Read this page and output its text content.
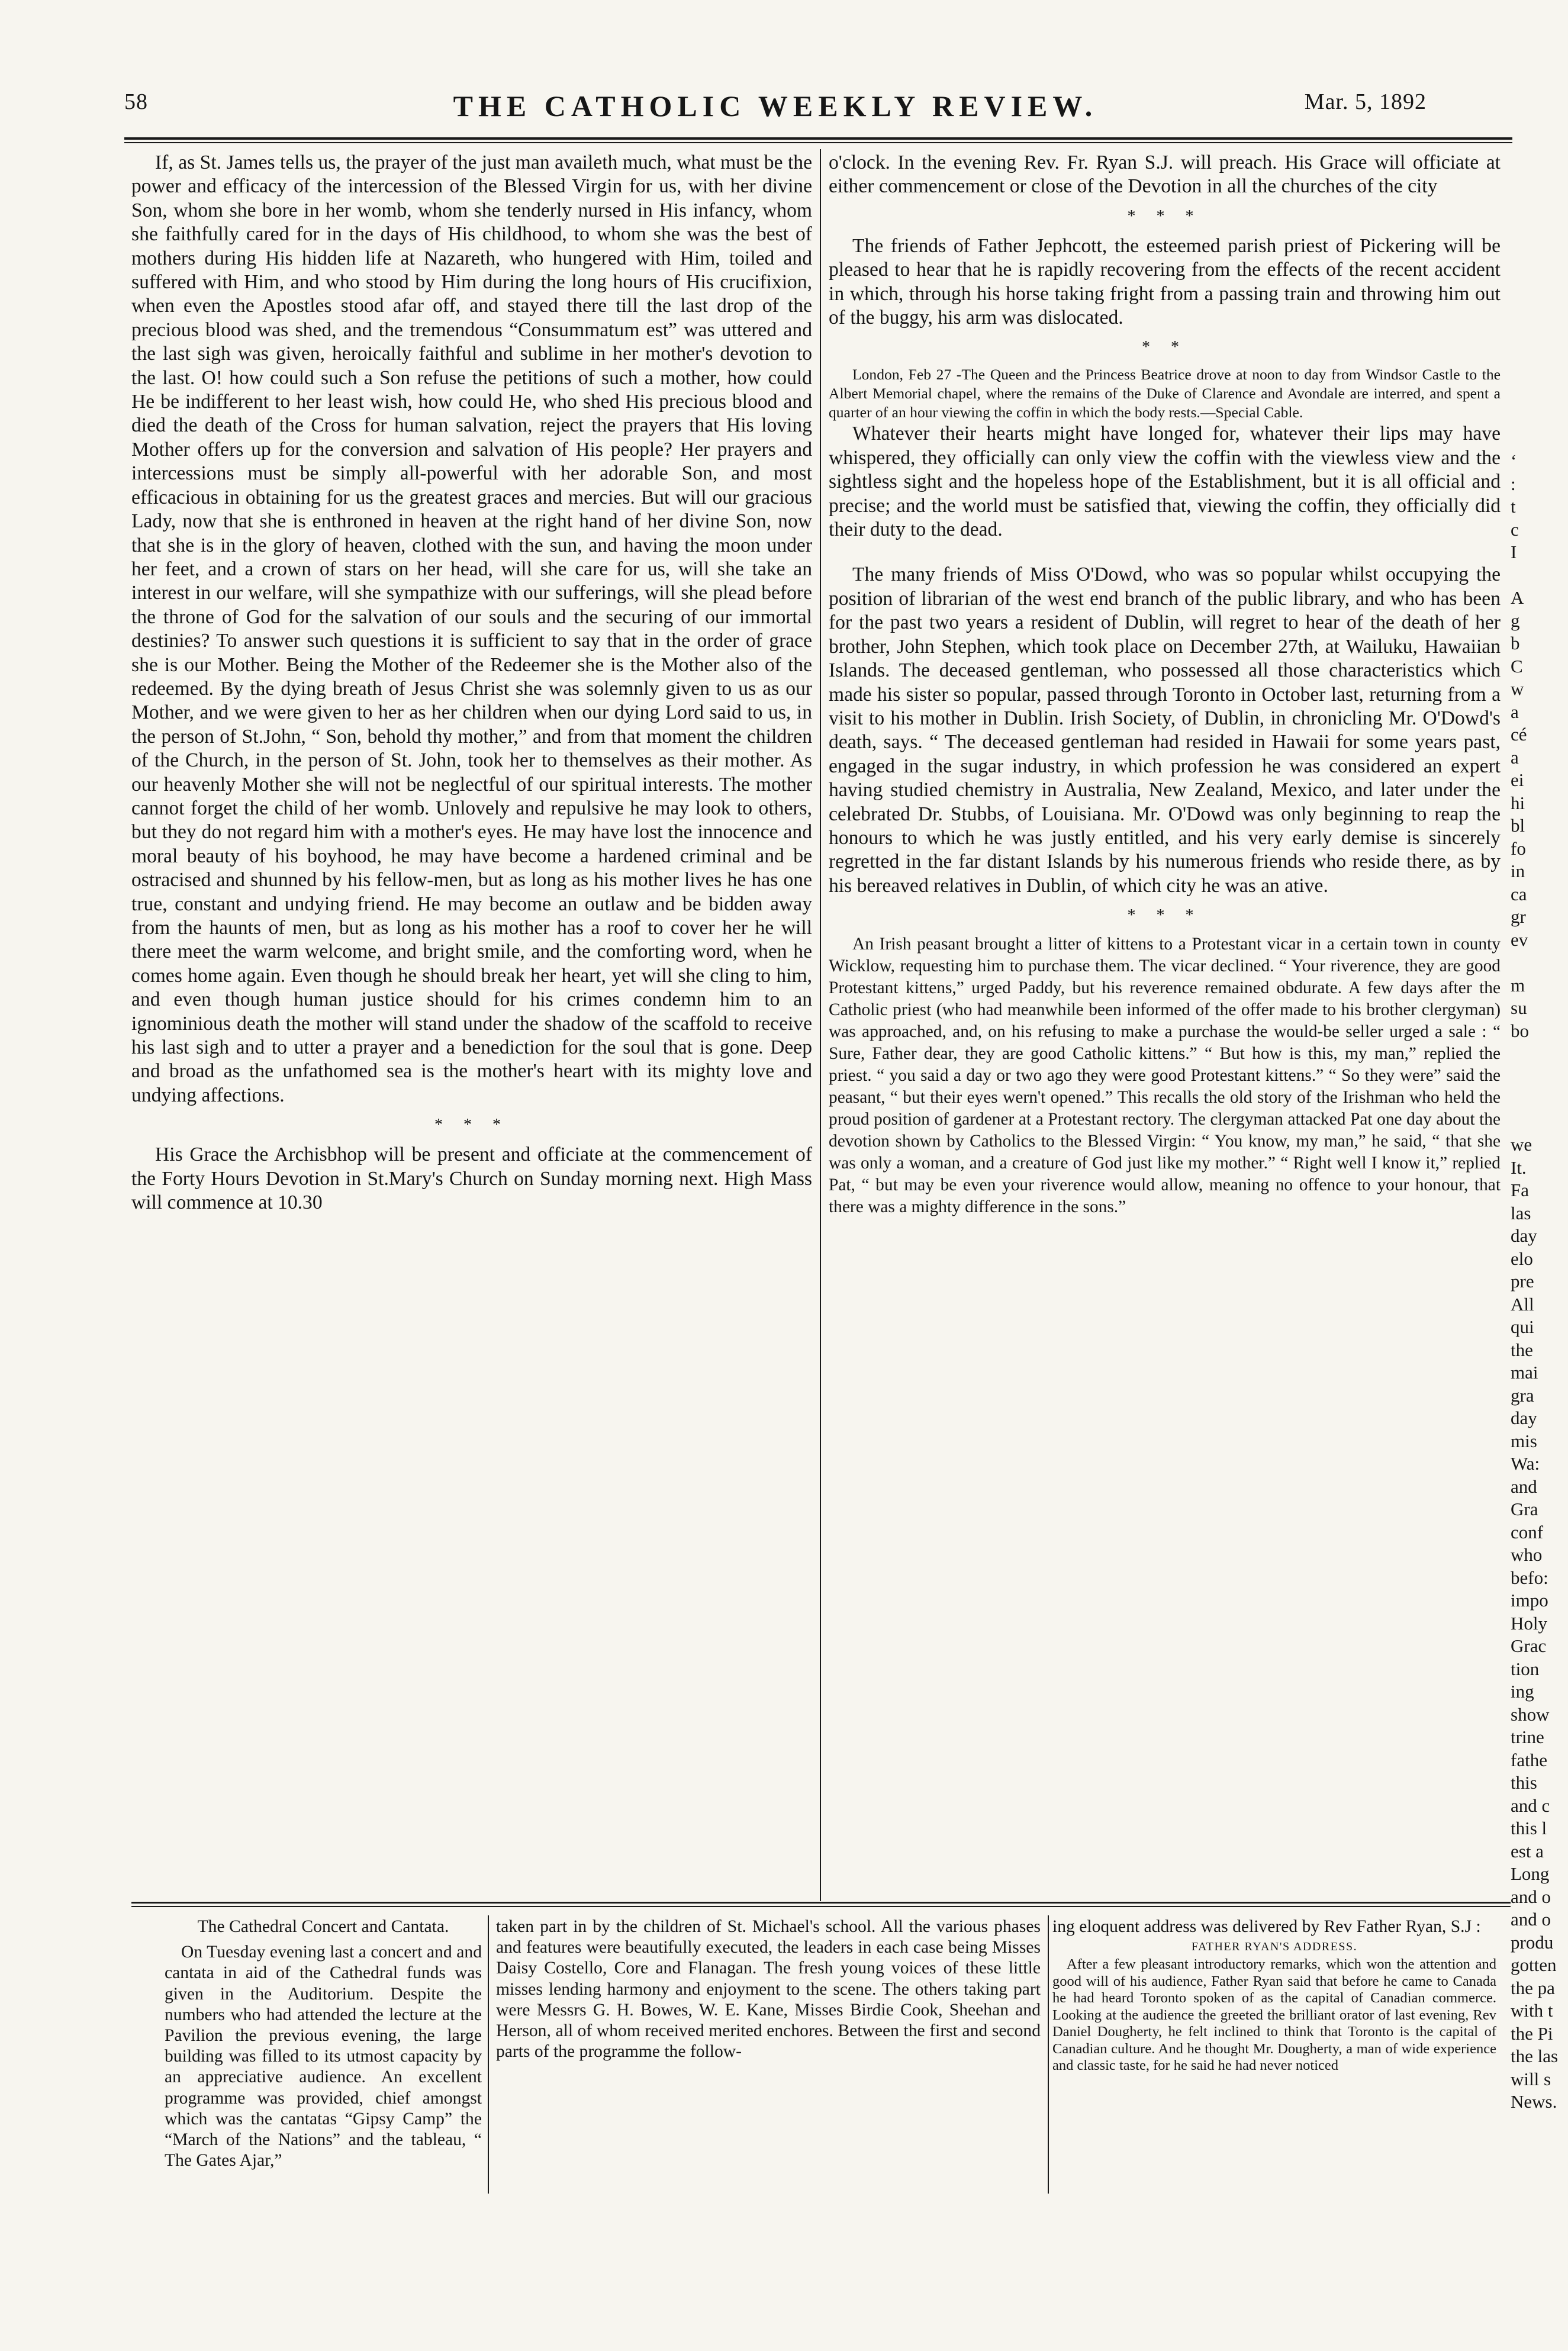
58	THE CATHOLIC WEEKLY REVIEW.	Mar. 5, 1892

If, as St. James tells us, the prayer of the just man availeth much, what must be the power and efficacy of the intercession of the Blessed Virgin for us, with her divine Son, whom she bore in her womb, whom she tenderly nursed in His infancy, whom she faithfully cared for in the days of His childhood, to whom she was the best of mothers during His hidden life at Nazareth, who hungered with Him, toiled and suffered with Him, and who stood by Him during the long hours of His crucifixion, when even the Apostles stood afar off, and stayed there till the last drop of the precious blood was shed, and the tremendous “Consummatum est” was uttered and the last sigh was given, heroically faithful and sublime in her mother's devotion to the last. O! how could such a Son refuse the petitions of such a mother, how could He be indifferent to her least wish, how could He, who shed His precious blood and died the death of the Cross for human salvation, reject the prayers that His loving Mother offers up for the conversion and salvation of His people? Her prayers and intercessions must be simply all-powerful with her adorable Son, and most efficacious in obtaining for us the greatest graces and mercies. But will our gracious Lady, now that she is enthroned in heaven at the right hand of her divine Son, now that she is in the glory of heaven, clothed with the sun, and having the moon under her feet, and a crown of stars on her head, will she care for us, will she take an interest in our welfare, will she sympathize with our sufferings, will she plead before the throne of God for the salvation of our souls and the securing of our immortal destinies? To answer such questions it is sufficient to say that in the order of grace she is our Mother. Being the Mother of the Redeemer she is the Mother also of the redeemed. By the dying breath of Jesus Christ she was solemnly given to us as our Mother, and we were given to her as her children when our dying Lord said to us, in the person of St.John, “ Son, behold thy mother,” and from that moment the children of the Church, in the person of St. John, took her to themselves as their mother. As our heavenly Mother she will not be neglectful of our spiritual interests. The mother cannot forget the child of her womb. Unlovely and repulsive he may look to others, but they do not regard him with a mother's eyes. He may have lost the innocence and moral beauty of his boyhood, he may have become a hardened criminal and be ostracised and shunned by his fellow-men, but as long as his mother lives he has one true, constant and undying friend. He may become an outlaw and be bidden away from the haunts of men, but as long as his mother has a roof to cover her he will there meet the warm welcome, and bright smile, and the comforting word, when he comes home again. Even though he should break her heart, yet will she cling to him, and even though human justice should for his crimes condemn him to an ignominious death the mother will stand under the shadow of the scaffold to receive his last sigh and to utter a prayer and a benediction for the soul that is gone. Deep and broad as the unfathomed sea is the mother's heart with its mighty love and undying affections.

* * *

His Grace the Archisbhop will be present and officiate at the commencement of the Forty Hours Devotion in St.Mary's Church on Sunday morning next. High Mass will commence at 10.30

o'clock. In the evening Rev. Fr. Ryan S.J. will preach. His Grace will officiate at either commencement or close of the Devotion in all the churches of the city

* * *

The friends of Father Jephcott, the esteemed parish priest of Pickering will be pleased to hear that he is rapidly recovering from the effects of the recent accident in which, through his horse taking fright from a passing train and throwing him out of the buggy, his arm was dislocated.

* *

London, Feb 27 -The Queen and the Princess Beatrice drove at noon to day from Windsor Castle to the Albert Memorial chapel, where the remains of the Duke of Clarence and Avondale are interred, and spent a quarter of an hour viewing the coffin in which the body rests.—Special Cable.

Whatever their hearts might have longed for, whatever their lips may have whispered, they officially can only view the coffin with the viewless view and the sightless sight and the hopeless hope of the Establishment, but it is all official and precise; and the world must be satisfied that, viewing the coffin, they officially did their duty to the dead.

The many friends of Miss O'Dowd, who was so popular whilst occupying the position of librarian of the west end branch of the public library, and who has been for the past two years a resident of Dublin, will regret to hear of the death of her brother, John Stephen, which took place on December 27th, at Wailuku, Hawaiian Islands. The deceased gentleman, who possessed all those characteristics which made his sister so popular, passed through Toronto in October last, returning from a visit to his mother in Dublin. Irish Society, of Dublin, in chronicling Mr. O'Dowd's death, says. “ The deceased gentleman had resided in Hawaii for some years past, engaged in the sugar industry, in which profession he was considered an expert having studied chemistry in Australia, New Zealand, Mexico, and later under the celebrated Dr. Stubbs, of Louisiana. Mr. O'Dowd was only beginning to reap the honours to which he was justly entitled, and his very early demise is sincerely regretted in the far distant Islands by his numerous friends who reside there, as by his bereaved relatives in Dublin, of which city he was an ative.

* * *

An Irish peasant brought a litter of kittens to a Protestant vicar in a certain town in county Wicklow, requesting him to purchase them. The vicar declined. “ Your riverence, they are good Protestant kittens,” urged Paddy, but his reverence remained obdurate. A few days after the Catholic priest (who had meanwhile been informed of the offer made to his brother clergyman) was approached, and, on his refusing to make a purchase the would-be seller urged a sale : “ Sure, Father dear, they are good Catholic kittens.” “ But how is this, my man,” replied the priest. “ you said a day or two ago they were good Protestant kittens.” “ So they were” said the peasant, “ but their eyes wern't opened.” This recalls the old story of the Irishman who held the proud position of gardener at a Protestant rectory. The clergyman attacked Pat one day about the devotion shown by Catholics to the Blessed Virgin: “ You know, my man,” he said, “ that she was only a woman, and a creature of God just like my mother.” “ Right well I know it,” replied Pat, “ but may be even your riverence would allow, meaning no offence to your honour, that there was a mighty difference in the sons.”

‘
:
t
c
I
A
g
b
C
w
a
cé
a
ei
hi
bl
fo
in
ca
gr
ev
m
su
bo
we
It.
Fa
las
day
elo
pre
All
qui
the
mai
gra
day
mis
Wa:
and
Gra
conf
who
befo:
impo
Holy
Grac
tion
ing
show
trine
fathe
this
and c
this l
est a
Long
and o
and o
produ
gotten
the pa
with t
the Pi
the las
will s
News.

The Cathedral Concert and Cantata.

On Tuesday evening last a concert and and cantata in aid of the Cathedral funds was given in the Auditorium. Despite the numbers who had attended the lecture at the Pavilion the previous evening, the large building was filled to its utmost capacity by an appreciative audience. An excellent programme was provided, chief amongst which was the cantatas “Gipsy Camp” the “March of the Nations” and the tableau, “ The Gates Ajar,”

taken part in by the children of St. Michael's school. All the various phases and features were beautifully executed, the leaders in each case being Misses Daisy Costello, Core and Flanagan. The fresh young voices of these little misses lending harmony and enjoyment to the scene. The others taking part were Messrs G. H. Bowes, W. E. Kane, Misses Birdie Cook, Sheehan and Herson, all of whom received merited enchores. Between the first and second parts of the programme the follow-

ing eloquent address was delivered by Rev Father Ryan, S.J :

FATHER RYAN'S ADDRESS.

After a few pleasant introductory remarks, which won the attention and good will of his audience, Father Ryan said that before he came to Canada he had heard Toronto spoken of as the capital of Canadian commerce. Looking at the audience the greeted the brilliant orator of last evening, Rev Daniel Dougherty, he felt inclined to think that Toronto is the capital of Canadian culture. And he thought Mr. Dougherty, a man of wide experience and classic taste, for he said he had never noticed
